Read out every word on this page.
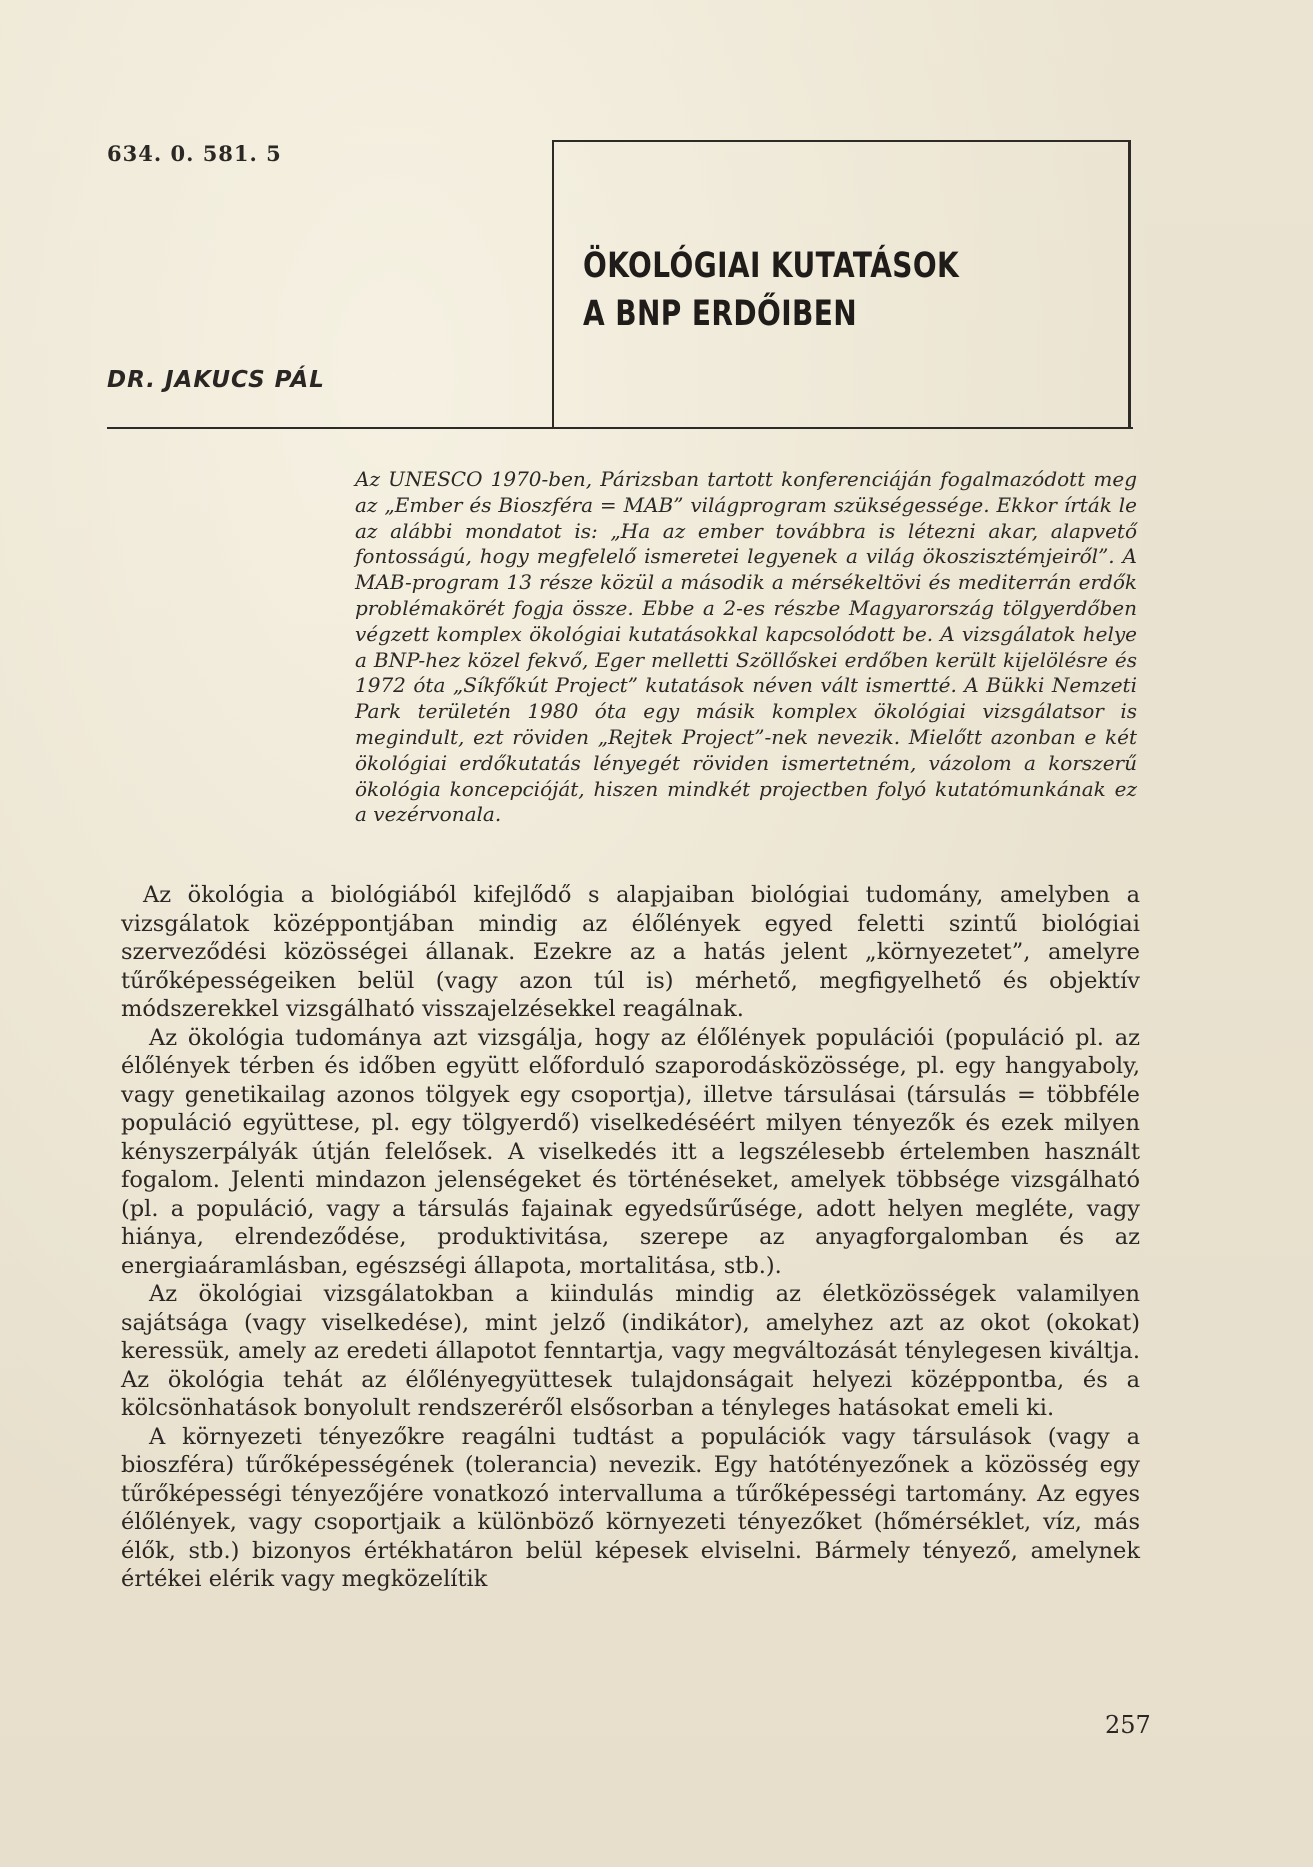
634. 0. 581. 5
ÖKOLÓGIAI KUTATÁSOK
A BNP ERDŐIBEN
DR. JAKUCS PÁL
Az UNESCO 1970-ben, Párizsban tartott konferenciáján fogalmazódott meg az „Ember és Bioszféra = MAB” világprogram szükségessége. Ekkor írták le az alábbi mondatot is: „Ha az ember továbbra is létezni akar, alapvető fontosságú, hogy megfelelő ismeretei legyenek a világ ökoszisztémjeiről”. A MAB-program 13 része közül a második a mérsékeltövi és mediterrán erdők problémakörét fogja össze. Ebbe a 2-es részbe Magyarország tölgyerdőben végzett komplex ökológiai kutatásokkal kapcsolódott be. A vizsgálatok helye a BNP-hez közel fekvő, Eger melletti Szöllőskei erdőben került kijelölésre és 1972 óta „Síkfőkút Project” kutatások néven vált ismertté. A Bükki Nemzeti Park területén 1980 óta egy másik komplex ökológiai vizsgálatsor is megindult, ezt röviden „Rejtek Project”-nek nevezik. Mielőtt azonban e két ökológiai erdőkutatás lényegét röviden ismertetném, vázolom a korszerű ökológia koncepcióját, hiszen mindkét projectben folyó kutatómunkának ez a vezérvonala.

Az ökológia a biológiából kifejlődő s alapjaiban biológiai tudomány, amelyben a vizsgálatok középpontjában mindig az élőlények egyed feletti szintű biológiai szerveződési közösségei állanak. Ezekre az a hatás jelent „környezetet”, amelyre tűrőképességeiken belül (vagy azon túl is) mérhető, megfigyelhető és objektív módszerekkel vizsgálható visszajelzésekkel reagálnak.

Az ökológia tudománya azt vizsgálja, hogy az élőlények populációi (populáció pl. az élőlények térben és időben együtt előforduló szaporodásközössége, pl. egy hangyaboly, vagy genetikailag azonos tölgyek egy csoportja), illetve társulásai (társulás = többféle populáció együttese, pl. egy tölgyerdő) viselkedéséért milyen tényezők és ezek milyen kényszerpályák útján felelősek. A viselkedés itt a legszélesebb értelemben használt fogalom. Jelenti mindazon jelenségeket és történéseket, amelyek többsége vizsgálható (pl. a populáció, vagy a társulás fajainak egyedsűrűsége, adott helyen megléte, vagy hiánya, elrendeződése, produktivitása, szerepe az anyagforgalomban és az energiaáramlásban, egészségi állapota, mortalitása, stb.).

Az ökológiai vizsgálatokban a kiindulás mindig az életközösségek valamilyen sajátsága (vagy viselkedése), mint jelző (indikátor), amelyhez azt az okot (okokat) keressük, amely az eredeti állapotot fenntartja, vagy megváltozását ténylegesen kiváltja. Az ökológia tehát az élőlényegyüttesek tulajdonságait helyezi középpontba, és a kölcsönhatások bonyolult rendszeréről elsősorban a tényleges hatásokat emeli ki.

A környezeti tényezőkre reagálni tudtást a populációk vagy társulások (vagy a bioszféra) tűrőképességének (tolerancia) nevezik. Egy hatótényezőnek a közösség egy tűrőképességi tényezőjére vonatkozó intervalluma a tűrőképességi tartomány. Az egyes élőlények, vagy csoportjaik a különböző környezeti tényezőket (hőmérséklet, víz, más élők, stb.) bizonyos értékhatáron belül képesek elviselni. Bármely tényező, amelynek értékei elérik vagy megközelítik

257
